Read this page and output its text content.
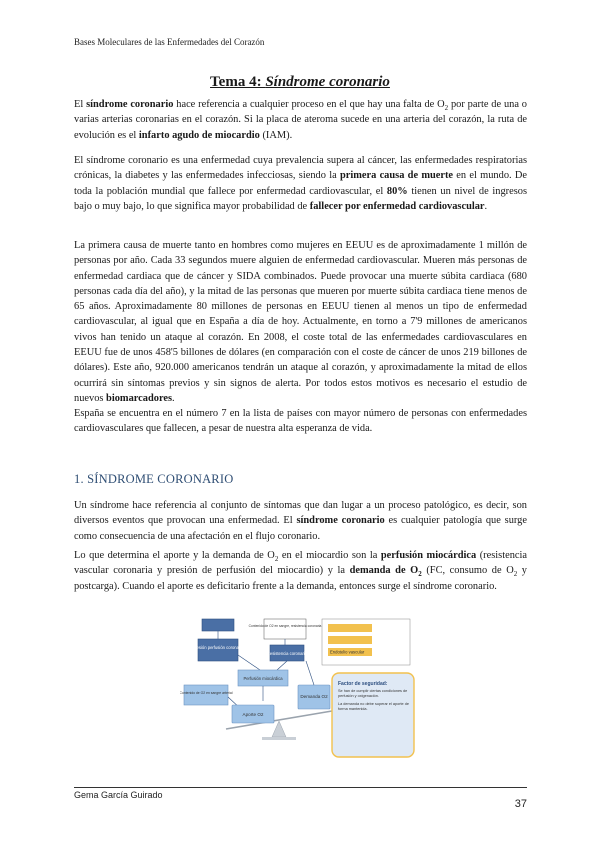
Bases Moleculares de las Enfermedades del Corazón
Tema 4: Síndrome coronario

El síndrome coronario hace referencia a cualquier proceso en el que hay una falta de $O_2$ por parte de una o varias arterias coronarias en el corazón. Si la placa de ateroma sucede en una arteria del corazón, la ruta de evolución es el infarto agudo de miocardio (IAM).

El síndrome coronario es una enfermedad cuya prevalencia supera al cáncer, las enfermedades respiratorias crónicas, la diabetes y las enfermedades infecciosas, siendo la primera causa de muerte en el mundo. De toda la población mundial que fallece por enfermedad cardiovascular, el 80% tienen un nivel de ingresos bajo o muy bajo, lo que significa mayor probabilidad de fallecer por enfermedad cardiovascular.

La primera causa de muerte tanto en hombres como mujeres en EEUU es de aproximadamente 1 millón de personas por año. Cada 33 segundos muere alguien de enfermedad cardiovascular. Mueren más personas de enfermedad cardiaca que de cáncer y SIDA combinados. Puede provocar una muerte súbita cardiaca (680 personas cada día del año), y la mitad de las personas que mueren por muerte súbita cardiaca tiene menos de 65 años. Aproximadamente 80 millones de personas en EEUU tienen al menos un tipo de enfermedad cardiovascular, al igual que en España a día de hoy. Actualmente, en torno a 7'9 millones de americanos vivos han tenido un ataque al corazón. En 2008, el coste total de las enfermedades cardiovasculares en EEUU fue de unos 458'5 billones de dólares (en comparación con el coste de cáncer de unos 219 billones de dólares). Este año, 920.000 americanos tendrán un ataque al corazón, y aproximadamente la mitad de ellos ocurrirá sin síntomas previos y sin signos de alerta. Por todos estos motivos es necesario el estudio de nuevos biomarcadores.

España se encuentra en el número 7 en la lista de países con mayor número de personas con enfermedades cardiovasculares que fallecen, a pesar de nuestra alta esperanza de vida.

1. SÍNDROME CORONARIO

Un síndrome hace referencia al conjunto de síntomas que dan lugar a un proceso patológico, es decir, son diversos eventos que provocan una enfermedad. El síndrome coronario es cualquier patología que surge como consecuencia de una afectación en el flujo coronario.

Lo que determina el aporte y la demanda de $O_2$ en el miocardio son la perfusión miocárdica (resistencia vascular coronaria y presión de perfusión del miocardio) y la demanda de $O_2$ (FC, consumo de $O_2$ y postcarga). Cuando el aporte es deficitario frente a la demanda, entonces surge el síndrome coronario.

Presión perfusión coronaria
Contenido de O2 en sangre, resistencia coronaria
Resistencia coronaria
Perfusión miocárdica
Contenido de O2 en sangre arterial
Aporte O2
Demanda O2
Endotelio vascular
Factor de seguridad:
Se han de cumplir ciertas condiciones de perfusión y oxigenación.
La demanda no debe superar el aporte de forma mantenida.
Gema García Guirado
37
